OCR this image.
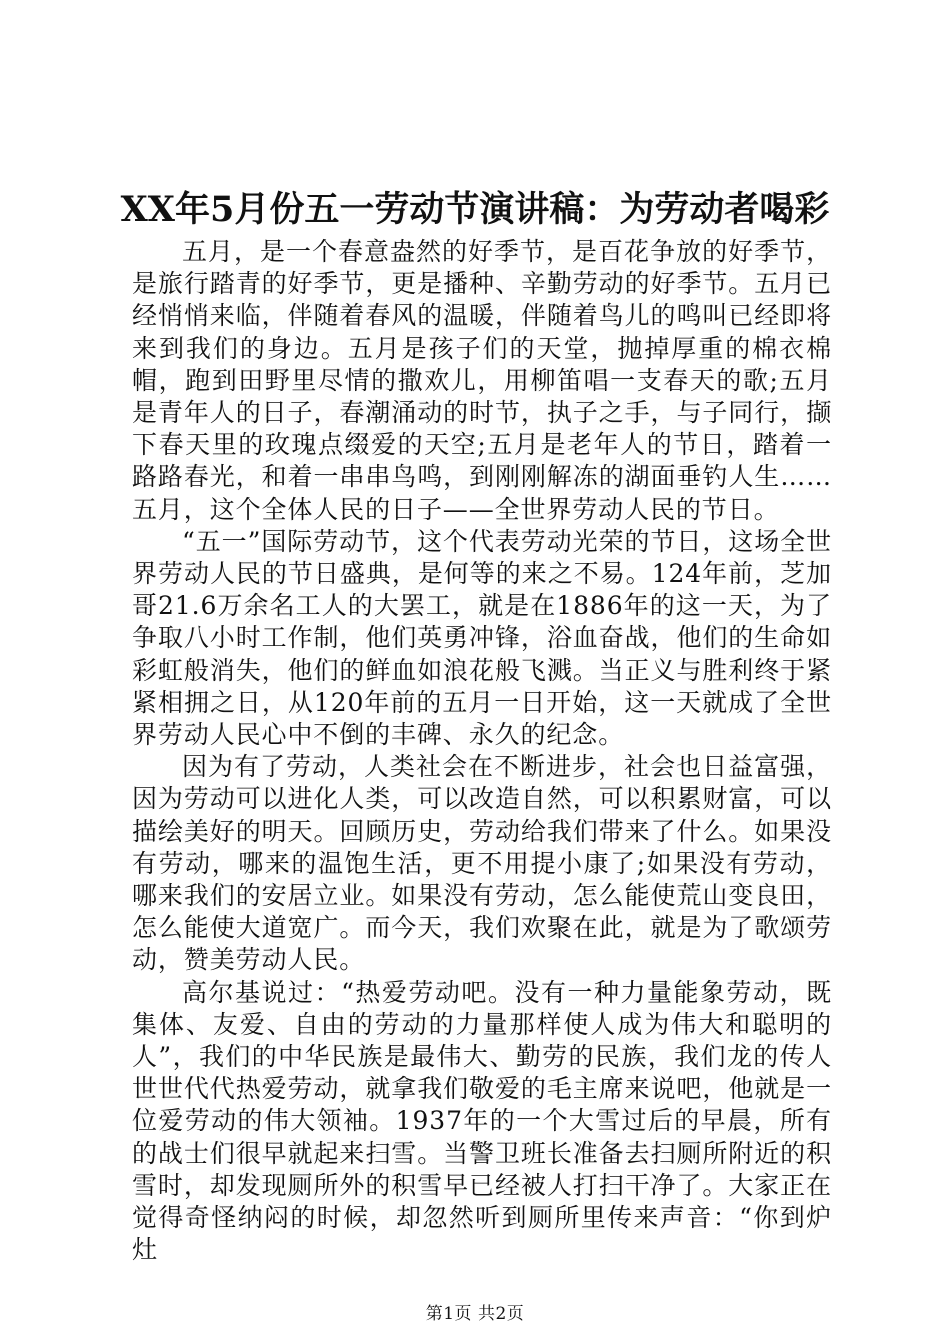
XX年5月份五一劳动节演讲稿：为劳动者喝彩

五月，是一个春意盎然的好季节，是百花争放的好季节，是旅行踏青的好季节，更是播种、辛勤劳动的好季节。五月已经悄悄来临，伴随着春风的温暖，伴随着鸟儿的鸣叫已经即将来到我们的身边。五月是孩子们的天堂，抛掉厚重的棉衣棉帽，跑到田野里尽情的撒欢儿，用柳笛唱一支春天的歌;五月是青年人的日子，春潮涌动的时节，执子之手，与子同行，撷下春天里的玫瑰点缀爱的天空;五月是老年人的节日，踏着一路路春光，和着一串串鸟鸣，到刚刚解冻的湖面垂钓人生……五月，这个全体人民的日子——全世界劳动人民的节日。

“五一”国际劳动节，这个代表劳动光荣的节日，这场全世界劳动人民的节日盛典，是何等的来之不易。124年前，芝加哥21.6万余名工人的大罢工，就是在1886年的这一天，为了争取八小时工作制，他们英勇冲锋，浴血奋战，他们的生命如彩虹般消失，他们的鲜血如浪花般飞溅。当正义与胜利终于紧紧相拥之日，从120年前的五月一日开始，这一天就成了全世界劳动人民心中不倒的丰碑、永久的纪念。

因为有了劳动，人类社会在不断进步，社会也日益富强，因为劳动可以进化人类，可以改造自然，可以积累财富，可以描绘美好的明天。回顾历史，劳动给我们带来了什么。如果没有劳动，哪来的温饱生活，更不用提小康了;如果没有劳动，哪来我们的安居立业。如果没有劳动，怎么能使荒山变良田，怎么能使大道宽广。而今天，我们欢聚在此，就是为了歌颂劳动，赞美劳动人民。

高尔基说过：“热爱劳动吧。没有一种力量能象劳动，既集体、友爱、自由的劳动的力量那样使人成为伟大和聪明的人”，我们的中华民族是最伟大、勤劳的民族，我们龙的传人世世代代热爱劳动，就拿我们敬爱的毛主席来说吧，他就是一位爱劳动的伟大领袖。1937年的一个大雪过后的早晨，所有的战士们很早就起来扫雪。当警卫班长准备去扫厕所附近的积雪时，却发现厕所外的积雪早已经被人打扫干净了。大家正在觉得奇怪纳闷的时候，却忽然听到厕所里传来声音：“你到炉灶

第1页 共2页
